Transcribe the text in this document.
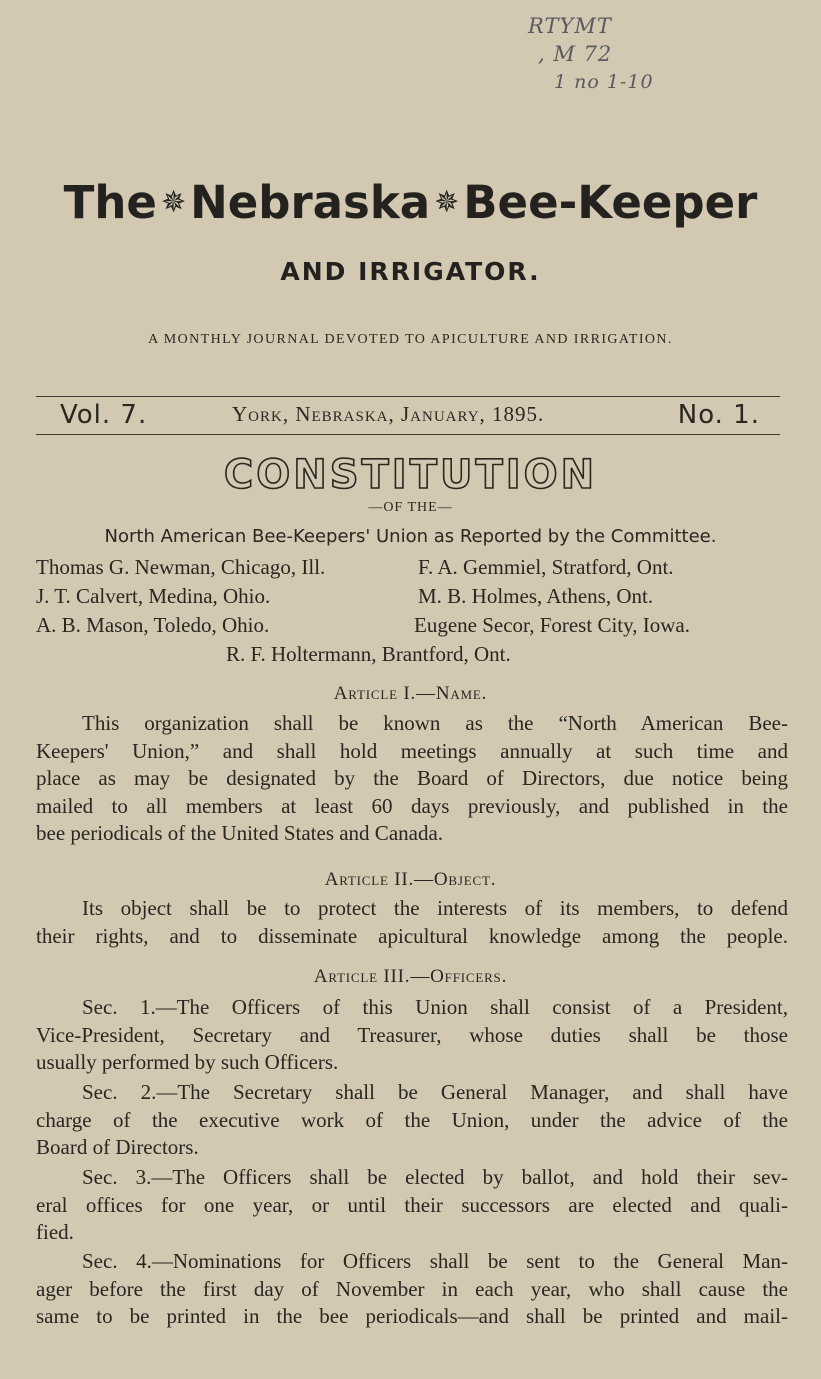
RTYMT
, M 72
1 no 1-10
The ✵Nebraska ✵Bee-Keeper
AND IRRIGATOR.
A MONTHLY JOURNAL DEVOTED TO APICULTURE AND IRRIGATION.
Vol. 7.	York, Nebraska, January, 1895.	No. 1.
CONSTITUTION
—OF THE—
North American Bee-Keepers' Union as Reported by the Committee.
Thomas G. Newman, Chicago, Ill.	F. A. Gemmiel, Stratford, Ont.
J. T. Calvert, Medina, Ohio.	M. B. Holmes, Athens, Ont.
A. B. Mason, Toledo, Ohio.	Eugene Secor, Forest City, Iowa.
R. F. Holtermann, Brantford, Ont.
Article I.—Name.
This organization shall be known as the “North American Bee-
Keepers' Union,” and shall hold meetings annually at such time and
place as may be designated by the Board of Directors, due notice being
mailed to all members at least 60 days previously, and published in the
bee periodicals of the United States and Canada.
Article II.—Object.
Its object shall be to protect the interests of its members, to defend
their rights, and to disseminate apicultural knowledge among the people.
Article III.—Officers.
Sec. 1.—The Officers of this Union shall consist of a President,
Vice-President, Secretary and Treasurer, whose duties shall be those
usually performed by such Officers.
Sec. 2.—The Secretary shall be General Manager, and shall have
charge of the executive work of the Union, under the advice of the
Board of Directors.
Sec. 3.—The Officers shall be elected by ballot, and hold their sev-
eral offices for one year, or until their successors are elected and quali-
fied.
Sec. 4.—Nominations for Officers shall be sent to the General Man-
ager before the first day of November in each year, who shall cause the
same to be printed in the bee periodicals—and shall be printed and mail-
